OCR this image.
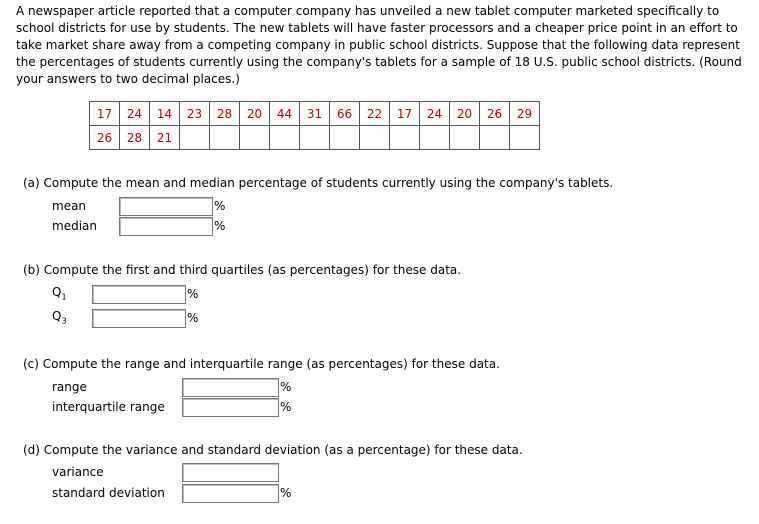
A newspaper article reported that a computer company has unveiled a new tablet computer marketed specifically to school districts for use by students. The new tablets will have faster processors and a cheaper price point in an effort to take market share away from a competing company in public school districts. Suppose that the following data represent the percentages of students currently using the company's tablets for a sample of 18 U.S. public school districts. (Round your answers to two decimal places.)
17	24	14	23	28	20	44	31	66	22	17	24	20	26	29
26	28	21												
(a) Compute the mean and median percentage of students currently using the company's tablets.
mean	%
median	%
(b) Compute the first and third quartiles (as percentages) for these data.
$Q_1$	%
$Q_3$	%
(c) Compute the range and interquartile range (as percentages) for these data.
range	%
interquartile range	%
(d) Compute the variance and standard deviation (as a percentage) for these data.
variance
standard deviation	%
